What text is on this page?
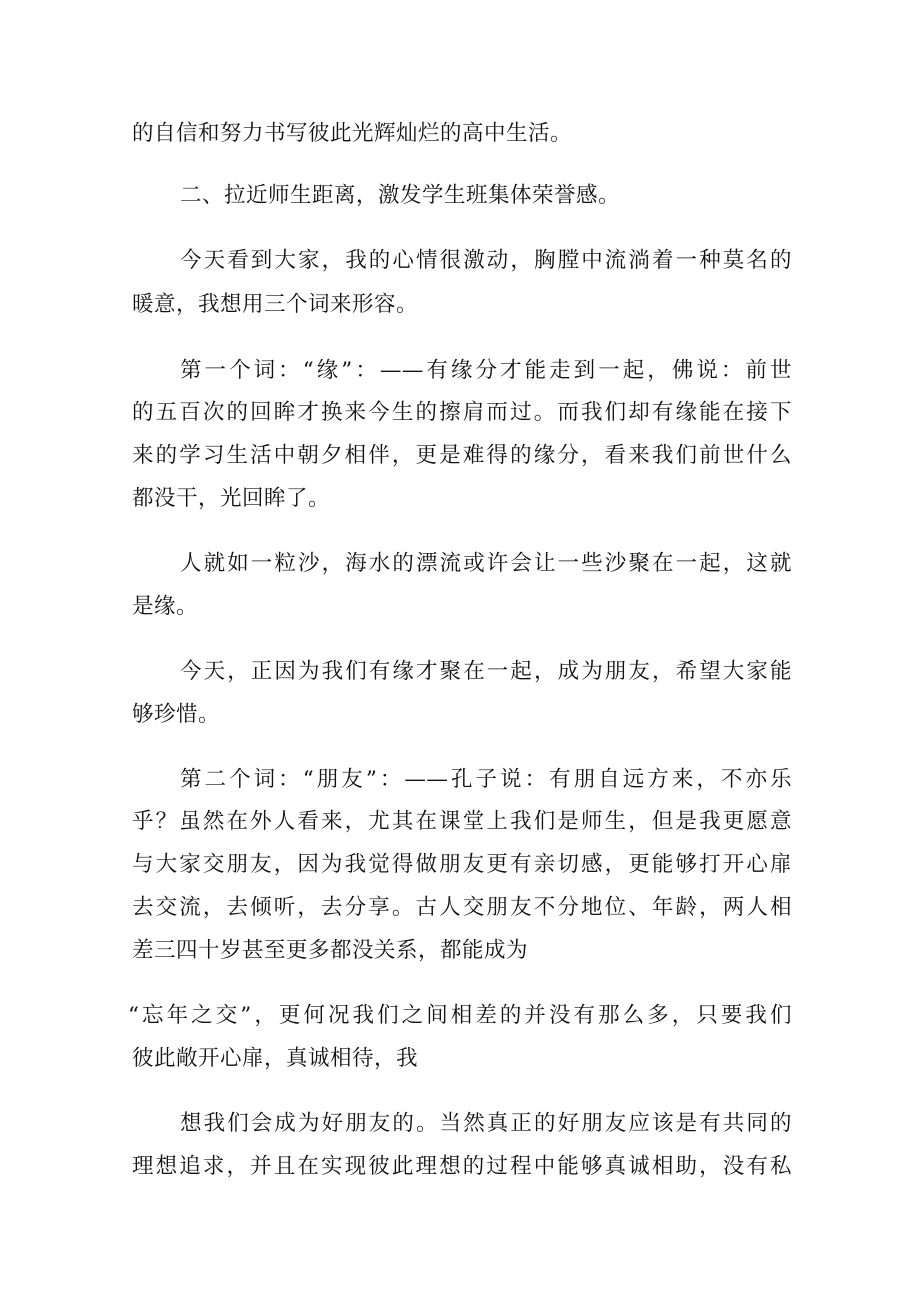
的自信和努力书写彼此光辉灿烂的高中生活。
二、拉近师生距离，激发学生班集体荣誉感。
今天看到大家，我的心情很激动，胸膛中流淌着一种莫名的
暖意，我想用三个词来形容。
第一个词：“缘”：——有缘分才能走到一起，佛说：前世
的五百次的回眸才换来今生的擦肩而过。而我们却有缘能在接下
来的学习生活中朝夕相伴，更是难得的缘分，看来我们前世什么
都没干，光回眸了。
人就如一粒沙，海水的漂流或许会让一些沙聚在一起，这就
是缘。
今天，正因为我们有缘才聚在一起，成为朋友，希望大家能
够珍惜。
第二个词：“朋友”：——孔子说：有朋自远方来，不亦乐
乎？虽然在外人看来，尤其在课堂上我们是师生，但是我更愿意
与大家交朋友，因为我觉得做朋友更有亲切感，更能够打开心扉
去交流，去倾听，去分享。古人交朋友不分地位、年龄，两人相
差三四十岁甚至更多都没关系，都能成为
“忘年之交”，更何况我们之间相差的并没有那么多，只要我们
彼此敞开心扉，真诚相待，我
想我们会成为好朋友的。当然真正的好朋友应该是有共同的
理想追求，并且在实现彼此理想的过程中能够真诚相助，没有私
